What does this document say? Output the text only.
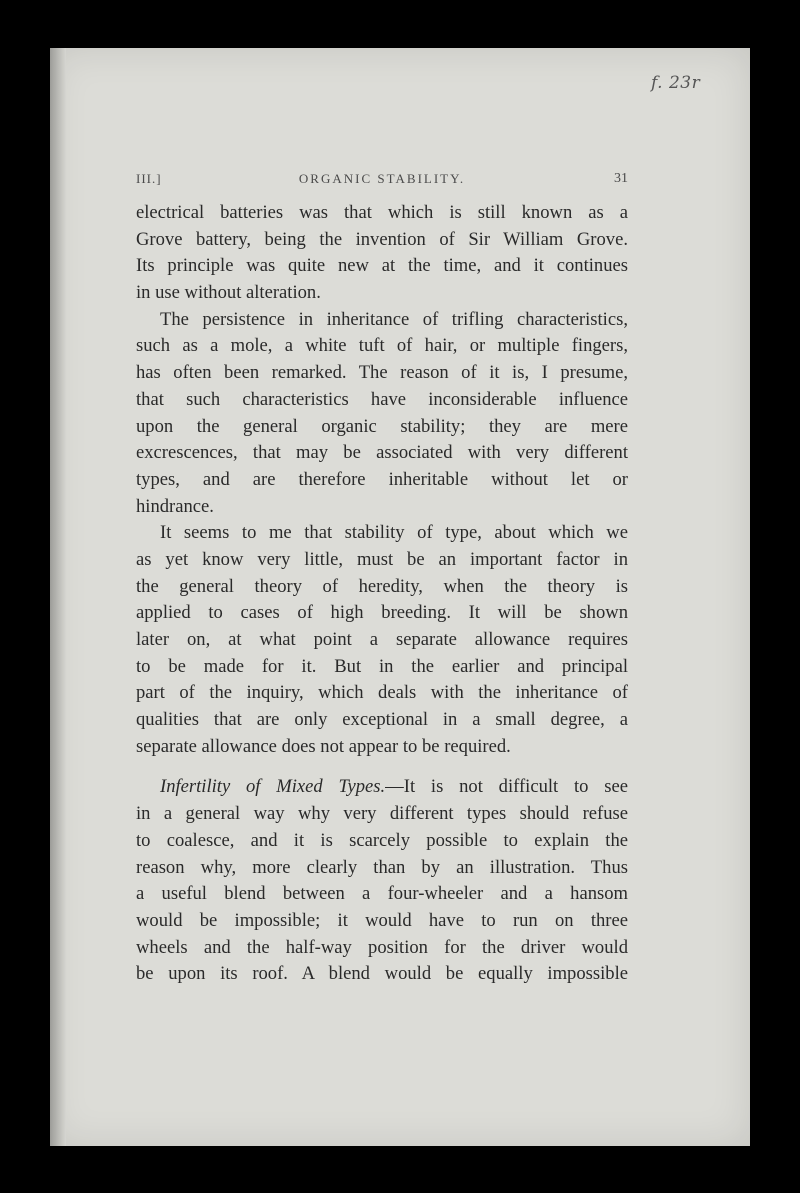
f. 23r
III.]	ORGANIC STABILITY.	31
electrical batteries was that which is still known as a
Grove battery, being the invention of Sir William Grove.
Its principle was quite new at the time, and it continues
in use without alteration.
The persistence in inheritance of trifling characteristics,
such as a mole, a white tuft of hair, or multiple fingers,
has often been remarked. The reason of it is, I presume,
that such characteristics have inconsiderable influence
upon the general organic stability; they are mere
excrescences, that may be associated with very different
types, and are therefore inheritable without let or
hindrance.
It seems to me that stability of type, about which we
as yet know very little, must be an important factor in
the general theory of heredity, when the theory is
applied to cases of high breeding. It will be shown
later on, at what point a separate allowance requires
to be made for it. But in the earlier and principal
part of the inquiry, which deals with the inheritance of
qualities that are only exceptional in a small degree, a
separate allowance does not appear to be required.
Infertility of Mixed Types.—It is not difficult to see
in a general way why very different types should refuse
to coalesce, and it is scarcely possible to explain the
reason why, more clearly than by an illustration. Thus
a useful blend between a four-wheeler and a hansom
would be impossible; it would have to run on three
wheels and the half-way position for the driver would
be upon its roof. A blend would be equally impossible
